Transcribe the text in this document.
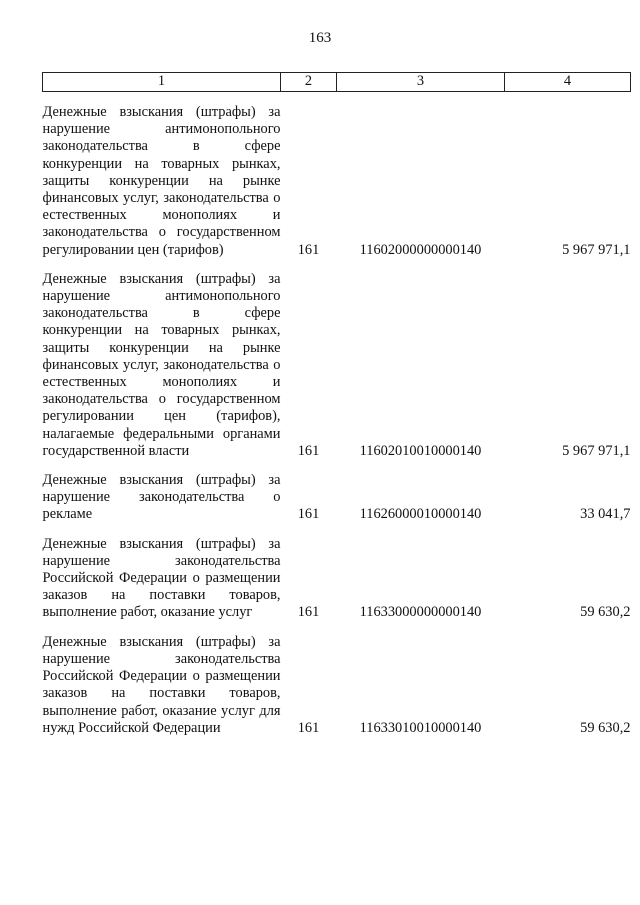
163
1	2	3	4

Денежные взыскания (штрафы) за нарушение антимонопольного законодательства в сфере конкуренции на товарных рынках, защиты конкуренции на рынке финансовых услуг, законодательства о естественных монополиях и законодательства о государственном регулировании цен (тарифов)	161	11602000000000140	5 967 971,1

Денежные взыскания (штрафы) за нарушение антимонопольного законодательства в сфере конкуренции на товарных рынках, защиты конкуренции на рынке финансовых услуг, законодательства о естественных монополиях и законодательства о государственном регулировании цен (тарифов), налагаемые федеральными органами государственной власти	161	11602010010000140	5 967 971,1

Денежные взыскания (штрафы) за нарушение законодательства о рекламе	161	11626000010000140	33 041,7

Денежные взыскания (штрафы) за нарушение законодательства Российской Федерации о размещении заказов на поставки товаров, выполнение работ, оказание услуг	161	11633000000000140	59 630,2

Денежные взыскания (штрафы) за нарушение законодательства Российской Федерации о размещении заказов на поставки товаров, выполнение работ, оказание услуг для нужд Российской Федерации	161	11633010010000140	59 630,2
